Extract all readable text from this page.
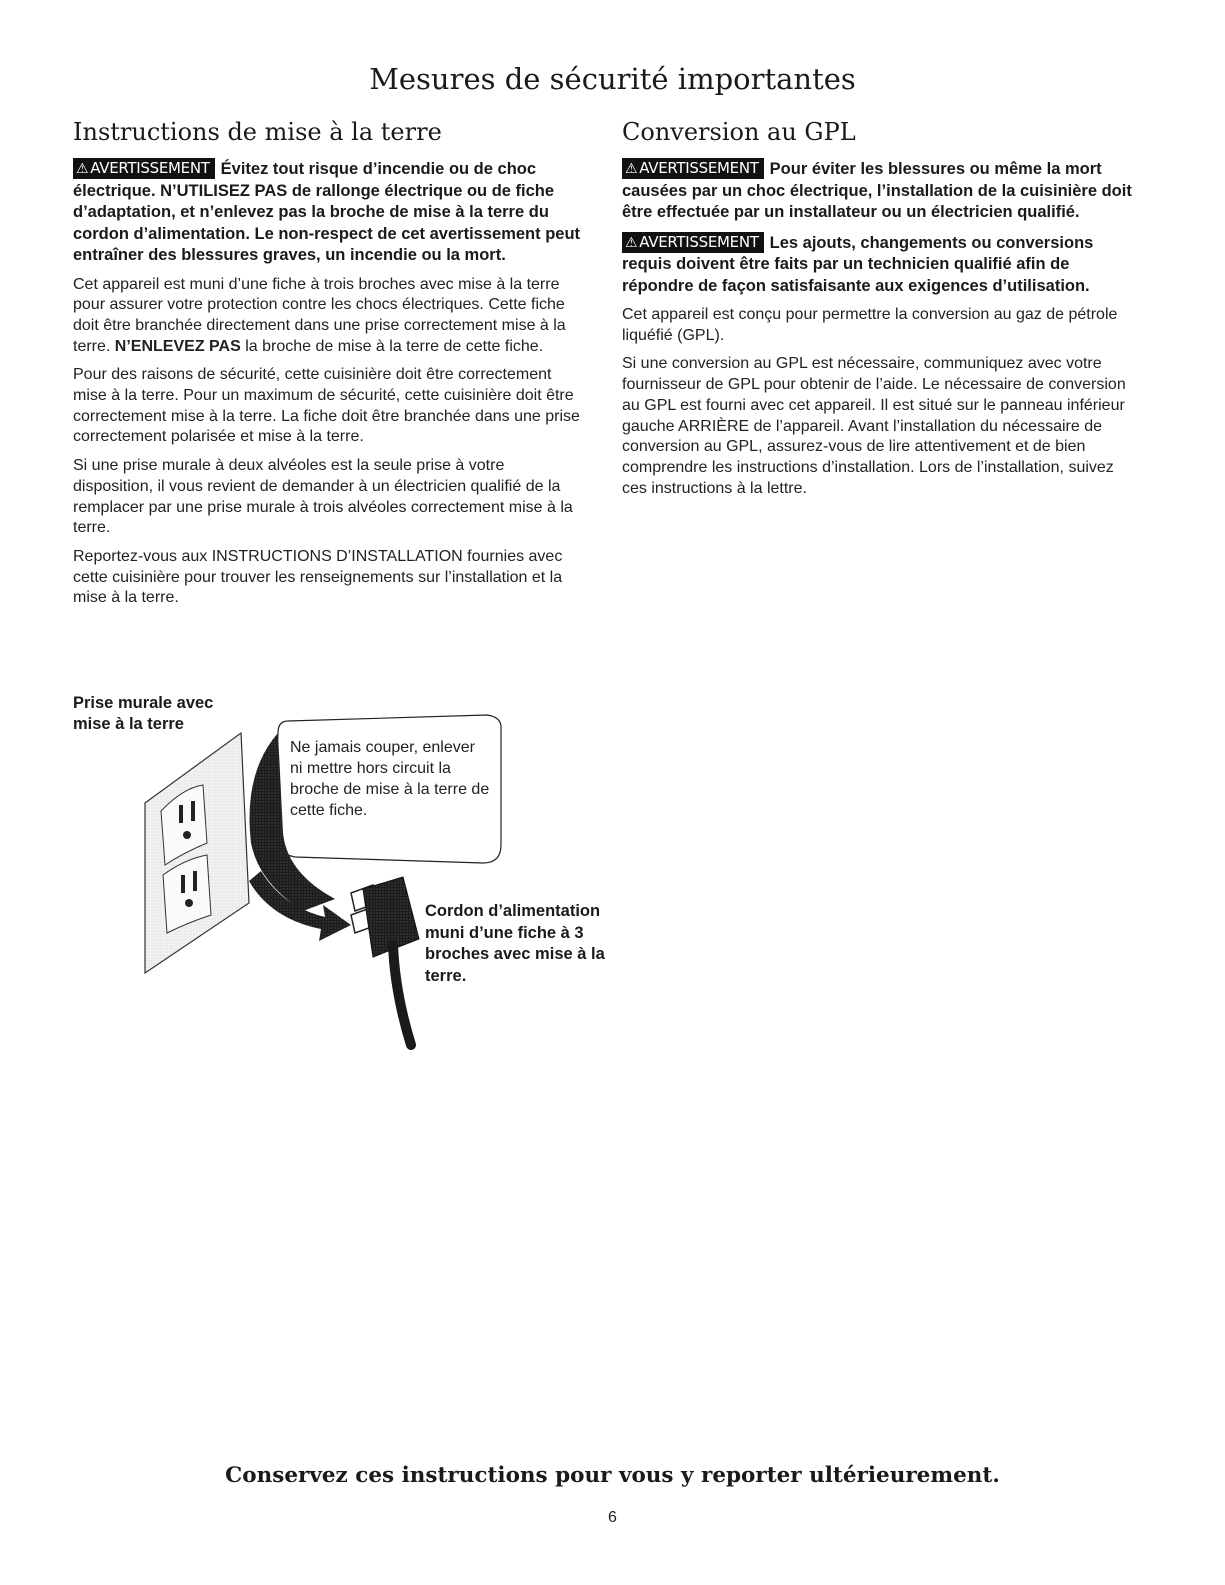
Mesures de sécurité importantes
Instructions de mise à la terre

⚠ AVERTISSEMENT Évitez tout risque d’incendie ou de choc électrique. N’UTILISEZ PAS de rallonge électrique ou de fiche d’adaptation, et n’enlevez pas la broche de mise à la terre du cordon d’alimentation. Le non-respect de cet avertissement peut entraîner des blessures graves, un incendie ou la mort.

Cet appareil est muni d’une fiche à trois broches avec mise à la terre pour assurer votre protection contre les chocs électriques. Cette fiche doit être branchée directement dans une prise correctement mise à la terre. N’ENLEVEZ PAS la broche de mise à la terre de cette fiche.

Pour des raisons de sécurité, cette cuisinière doit être correctement mise à la terre. Pour un maximum de sécurité, cette cuisinière doit être correctement mise à la terre. La fiche doit être branchée dans une prise correctement polarisée et mise à la terre.

Si une prise murale à deux alvéoles est la seule prise à votre disposition, il vous revient de demander à un électricien qualifié de la remplacer par une prise murale à trois alvéoles correctement mise à la terre.

Reportez-vous aux INSTRUCTIONS D’INSTALLATION fournies avec cette cuisinière pour trouver les renseignements sur l’installation et la mise à la terre.

Conversion au GPL

⚠ AVERTISSEMENT Pour éviter les blessures ou même la mort causées par un choc électrique, l’installation de la cuisinière doit être effectuée par un installateur ou un électricien qualifié.

⚠ AVERTISSEMENT Les ajouts, changements ou conversions requis doivent être faits par un technicien qualifié afin de répondre de façon satisfaisante aux exigences d’utilisation.

Cet appareil est conçu pour permettre la conversion au gaz de pétrole liquéfié (GPL).

Si une conversion au GPL est nécessaire, communiquez avec votre fournisseur de GPL pour obtenir de l’aide. Le nécessaire de conversion au GPL est fourni avec cet appareil. Il est situé sur le panneau inférieur gauche ARRIÈRE de l’appareil. Avant l’installation du nécessaire de conversion au GPL, assurez-vous de lire attentivement et de bien comprendre les instructions d’installation. Lors de l’installation, suivez ces instructions à la lettre.

Prise murale avec mise à la terre
Ne jamais couper, enlever ni mettre hors circuit la broche de mise à la terre de cette fiche.
Cordon d’alimentation muni d’une fiche à 3 broches avec mise à la terre.
Conservez ces instructions pour vous y reporter ultérieurement.
6
